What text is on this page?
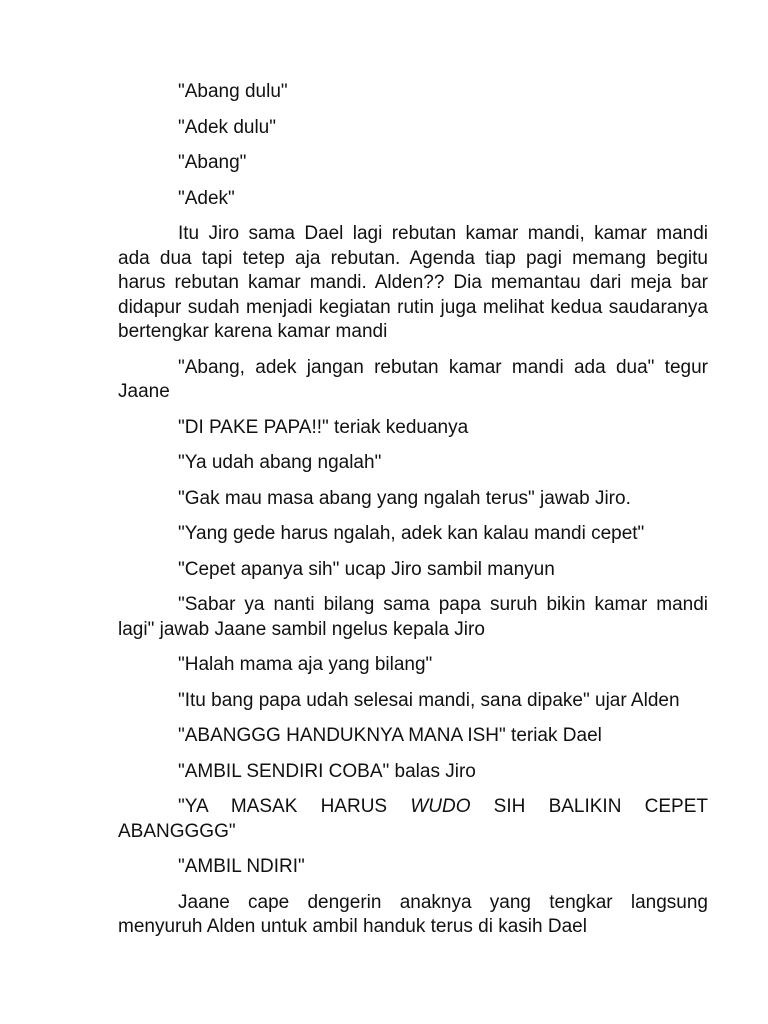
"Abang dulu"

"Adek dulu"

"Abang"

"Adek"

Itu Jiro sama Dael lagi rebutan kamar mandi, kamar mandi ada dua tapi tetep aja rebutan. Agenda tiap pagi memang begitu harus rebutan kamar mandi. Alden?? Dia memantau dari meja bar didapur sudah menjadi kegiatan rutin juga melihat kedua saudaranya bertengkar karena kamar mandi

"Abang, adek jangan rebutan kamar mandi ada dua" tegur Jaane

"DI PAKE PAPA!!" teriak keduanya

"Ya udah abang ngalah"

"Gak mau masa abang yang ngalah terus" jawab Jiro.

"Yang gede harus ngalah, adek kan kalau mandi cepet"

"Cepet apanya sih" ucap Jiro sambil manyun

"Sabar ya nanti bilang sama papa suruh bikin kamar mandi lagi" jawab Jaane sambil ngelus kepala Jiro

"Halah mama aja yang bilang"

"Itu bang papa udah selesai mandi, sana dipake" ujar Alden

"ABANGGG HANDUKNYA MANA ISH" teriak Dael

"AMBIL SENDIRI COBA" balas Jiro

"YA MASAK HARUS WUDO SIH BALIKIN CEPET ABANGGGG"

"AMBIL NDIRI"

Jaane cape dengerin anaknya yang tengkar langsung menyuruh Alden untuk ambil handuk terus di kasih Dael
